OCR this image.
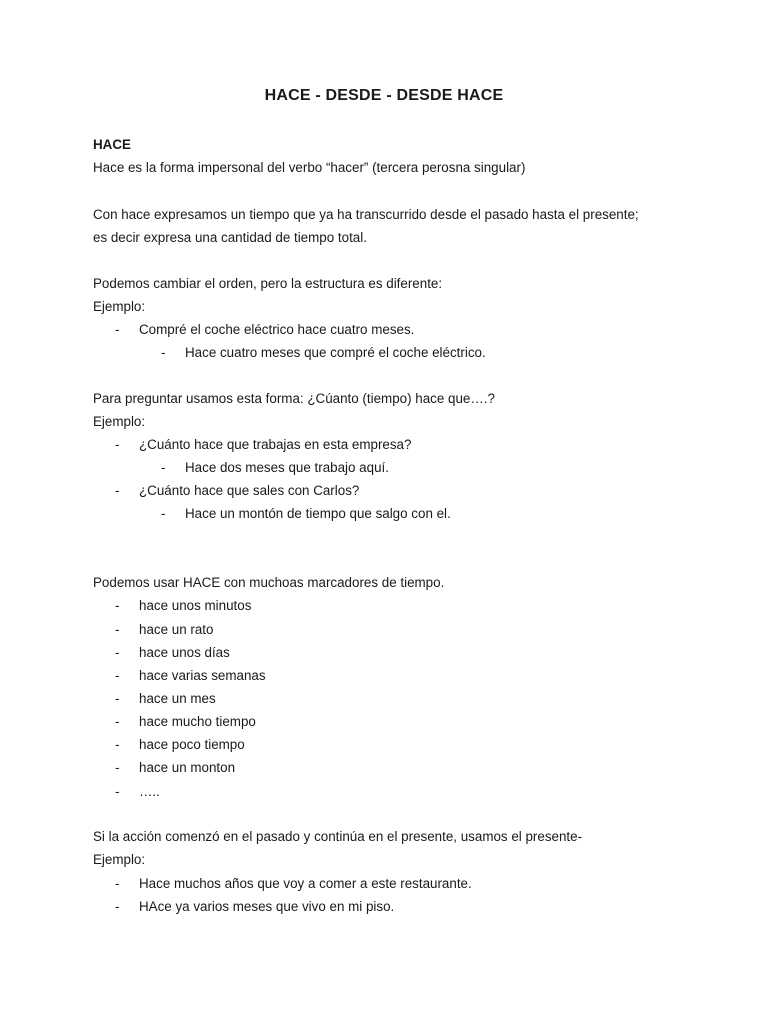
HACE - DESDE - DESDE HACE
HACE
Hace es la forma impersonal del verbo “hacer” (tercera perosna singular)
Con hace expresamos un tiempo que ya ha transcurrido desde el pasado hasta el presente;
es decir expresa una cantidad de tiempo total.
Podemos cambiar el orden, pero la estructura es diferente:
Ejemplo:
- Compré el coche eléctrico hace cuatro meses.
- Hace cuatro meses que compré el coche eléctrico.
Para preguntar usamos esta forma: ¿Cúanto (tiempo) hace que….?
Ejemplo:
- ¿Cuánto hace que trabajas en esta empresa?
- Hace dos meses que trabajo aquí.
- ¿Cuánto hace que sales con Carlos?
- Hace un montón de tiempo que salgo con el.
Podemos usar HACE con muchoas marcadores de tiempo.
- hace unos minutos
- hace un rato
- hace unos días
- hace varias semanas
- hace un mes
- hace mucho tiempo
- hace poco tiempo
- hace un monton
- …..
Si la acción comenzó en el pasado y continúa en el presente, usamos el presente-
Ejemplo:
- Hace muchos años que voy a comer a este restaurante.
- HAce ya varios meses que vivo en mi piso.
